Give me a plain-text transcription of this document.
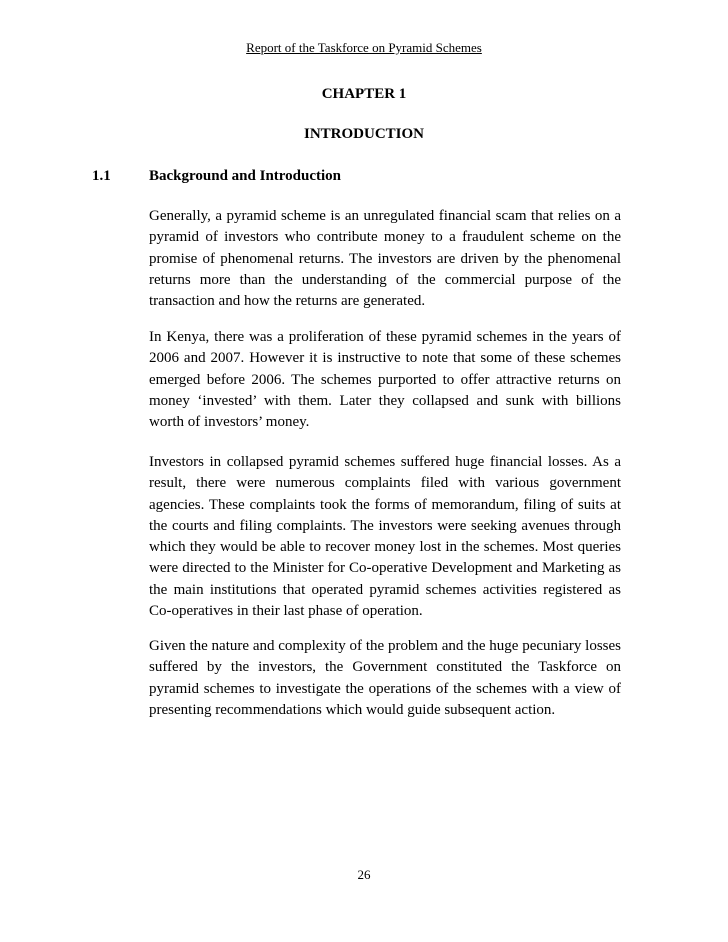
Report of the Taskforce on Pyramid Schemes
CHAPTER 1
INTRODUCTION
1.1	Background and Introduction

Generally, a pyramid scheme is an unregulated financial scam that relies on a pyramid of investors who contribute money to a fraudulent scheme on the promise of phenomenal returns. The investors are driven by the phenomenal returns more than the understanding of the commercial purpose of the transaction and how the returns are generated.

In Kenya, there was a proliferation of these pyramid schemes in the years of 2006 and 2007. However it is instructive to note that some of these schemes emerged before 2006. The schemes purported to offer attractive returns on money ‘invested’ with them. Later they collapsed and sunk with billions worth of investors’ money.

Investors in collapsed pyramid schemes suffered huge financial losses. As a result, there were numerous complaints filed with various government agencies. These complaints took the forms of memorandum, filing of suits at the courts and filing complaints. The investors were seeking avenues through which they would be able to recover money lost in the schemes. Most queries were directed to the Minister for Co-operative Development and Marketing as the main institutions that operated pyramid schemes activities registered as Co-operatives in their last phase of operation.

Given the nature and complexity of the problem and the huge pecuniary losses suffered by the investors, the Government constituted the Taskforce on pyramid schemes to investigate the operations of the schemes with a view of presenting recommendations which would guide subsequent action.

26
